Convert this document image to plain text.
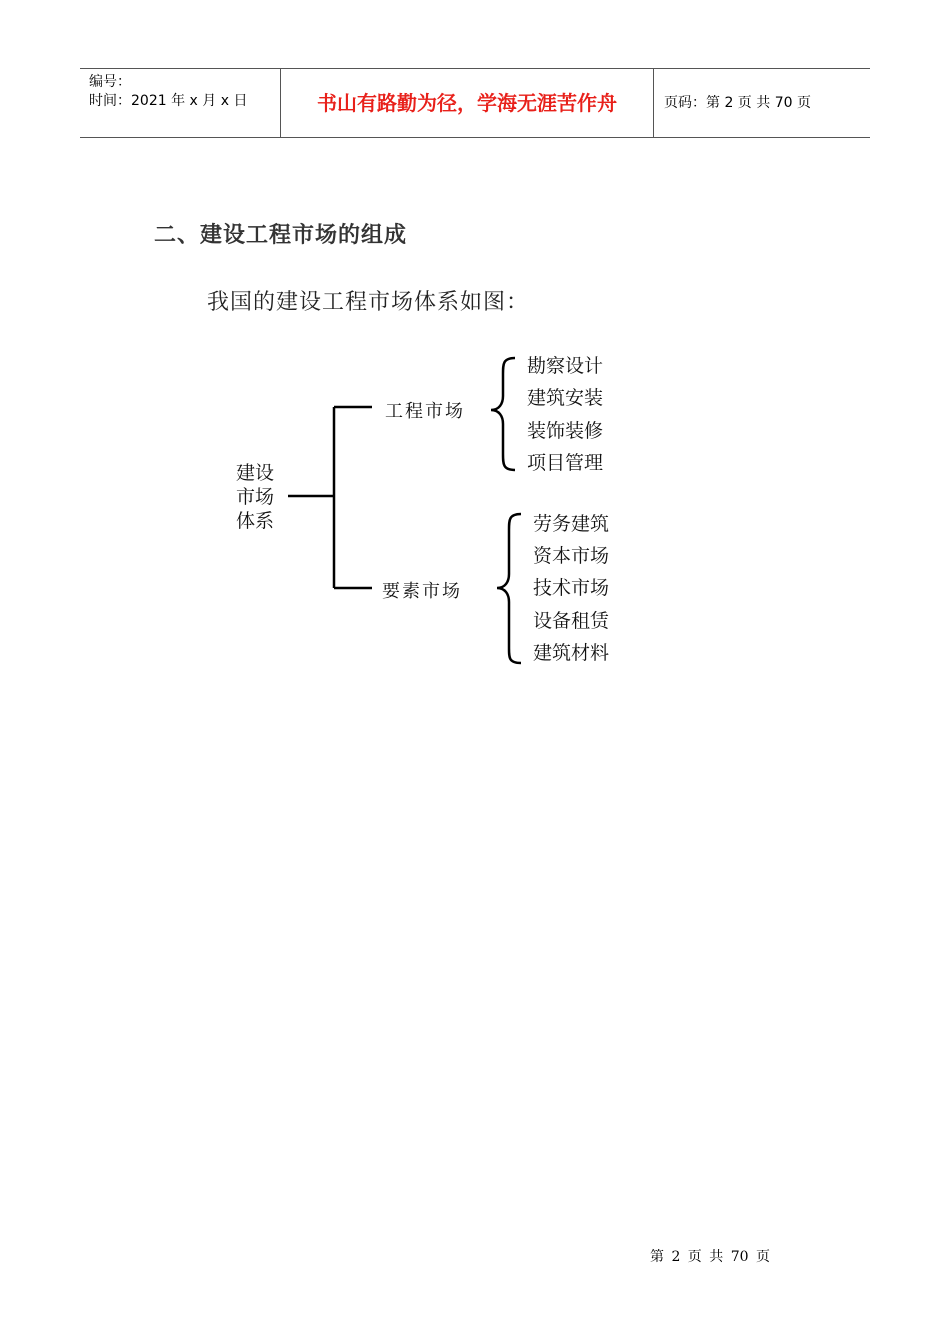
编号：
时间：2021 年 x 月 x 日	书山有路勤为径，学海无涯苦作舟	页码：第 2 页 共 70 页
二、建设工程市场的组成
我国的建设工程市场体系如图：
建设
市场
体系
工程市场
要素市场
勘察设计
建筑安装
装饰装修
项目管理
劳务建筑
资本市场
技术市场
设备租赁
建筑材料
第 2 页 共 70 页
